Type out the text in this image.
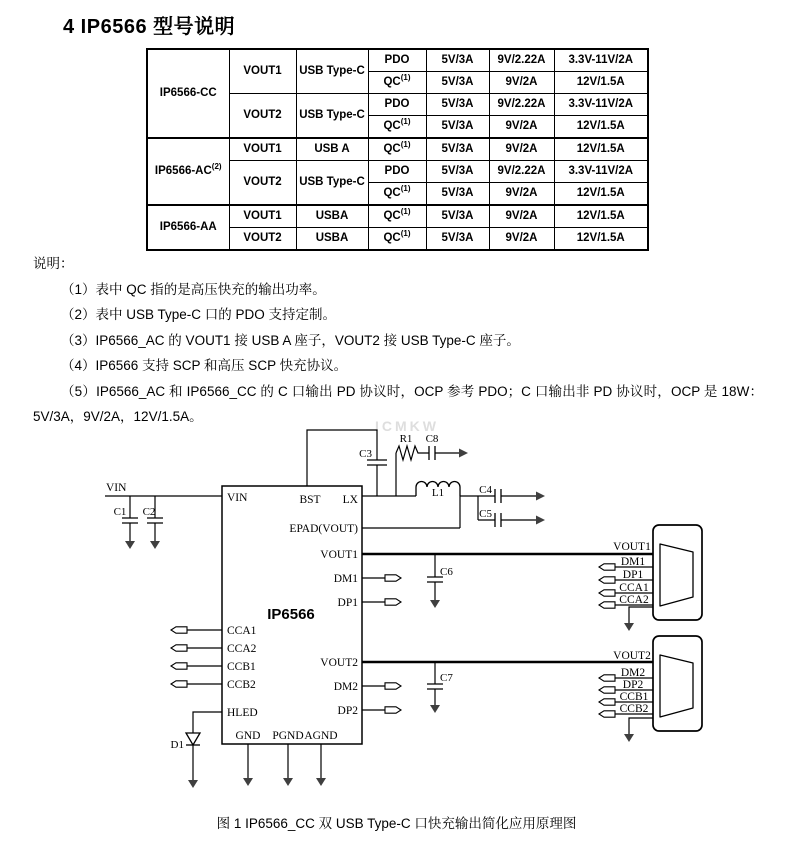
4 IP6566 型号说明
IP6566-CC	VOUT1	USB Type-C	PDO	5V/3A	9V/2.22A	3.3V-11V/2A
			QC$^{(1)}$	5V/3A	9V/2A	12V/1.5A
	VOUT2	USB Type-C	PDO	5V/3A	9V/2.22A	3.3V-11V/2A
			QC$^{(1)}$	5V/3A	9V/2A	12V/1.5A
IP6566-AC$^{(2)}$	VOUT1	USB A	QC$^{(1)}$	5V/3A	9V/2A	12V/1.5A
	VOUT2	USB Type-C	PDO	5V/3A	9V/2.22A	3.3V-11V/2A
			QC$^{(1)}$	5V/3A	9V/2A	12V/1.5A
IP6566-AA	VOUT1	USBA	QC$^{(1)}$	5V/3A	9V/2A	12V/1.5A
	VOUT2	USBA	QC$^{(1)}$	5V/3A	9V/2A	12V/1.5A

说明：

（1）表中 QC 指的是高压快充的输出功率。

（2）表中 USB Type-C 口的 PDO 支持定制。

（3）IP6566_AC 的 VOUT1 接 USB A 座子，VOUT2 接 USB Type-C 座子。

（4）IP6566 支持 SCP 和高压 SCP 快充协议。

（5）IP6566_AC 和 IP6566_CC 的 C 口输出 PD 协议时，OCP 参考 PDO；C 口输出非 PD 协议时，OCP 是 18W：5V/3A，9V/2A，12V/1.5A。

ICMKW
IP6566
VIN	BST LX
EPAD(VOUT)
VOUT1
DM1
DP1
VOUT2
DM2
DP2
CCA1
CCA2
CCB1
CCB2
HLED
GND PGND AGND
VIN
C1 C2
C3
R1 C8
L1	C4
C5
C6
C7
D1
VOUT1
DM1
DP1
CCA1
CCA2
VOUT2
DM2
DP2
CCB1
CCB2
图 1 IP6566_CC 双 USB Type-C 口快充输出简化应用原理图
